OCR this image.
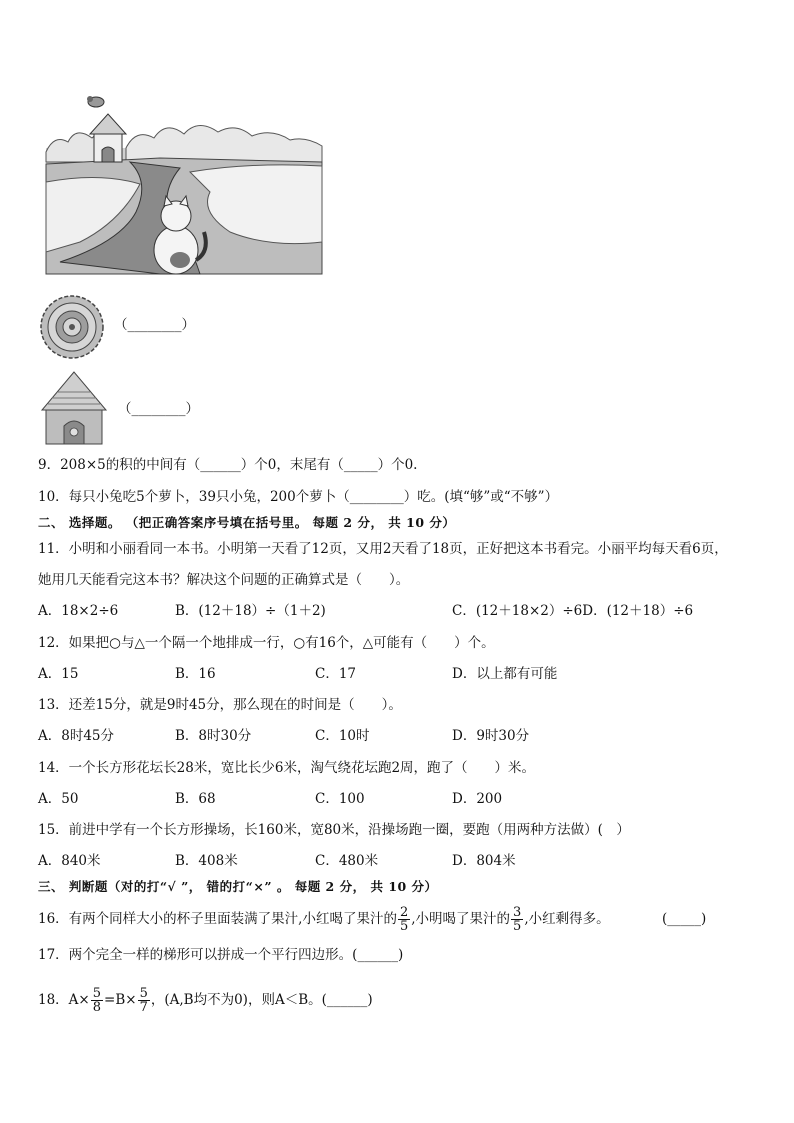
（________）
（________）
9．208×5的积的中间有（______）个0，末尾有（_____）个0.
10．每只小兔吃5个萝卜，39只小兔，200个萝卜（________）吃。(填“够”或“不够”）
二、 选择题。 （把正确答案序号填在括号里。 每题 2 分， 共 10 分）
11．小明和小丽看同一本书。小明第一天看了12页，又用2天看了18页，正好把这本书看完。小丽平均每天看6页，
她用几天能看完这本书？解决这个问题的正确算式是（　　）。
A．18×2÷6	B．(12＋18）÷（1＋2)	C．(12＋18×2）÷6D．(12＋18）÷6
12．如果把○与△一个隔一个地排成一行，○有16个，△可能有（　　）个。
A．15	B．16	C．17	D．以上都有可能
13．还差15分，就是9时45分，那么现在的时间是（　　）。
A．8时45分	B．8时30分	C．10时	D．9时30分
14．一个长方形花坛长28米，宽比长少6米，淘气绕花坛跑2周，跑了（　　）米。
A．50	B．68	C．100	D．200
15．前进中学有一个长方形操场，长160米，宽80米，沿操场跑一圈，要跑（用两种方法做）(　）
A．840米	B．408米	C．480米	D．804米
三、 判断题（对的打“√ ”， 错的打“×” 。 每题 2 分， 共 10 分）
16．有两个同样大小的杯子里面装满了果汁,小红喝了果汁的 $\frac{2}{5}$ ,小明喝了果汁的 $\frac{3}{5}$ ,小红剩得多。	(_____)
17．两个完全一样的梯形可以拼成一个平行四边形。(______)
18．$A\times \frac{5}{8} =B\times \frac{5}{7}$ ，(A,B均不为0)，则A＜B。(______)
